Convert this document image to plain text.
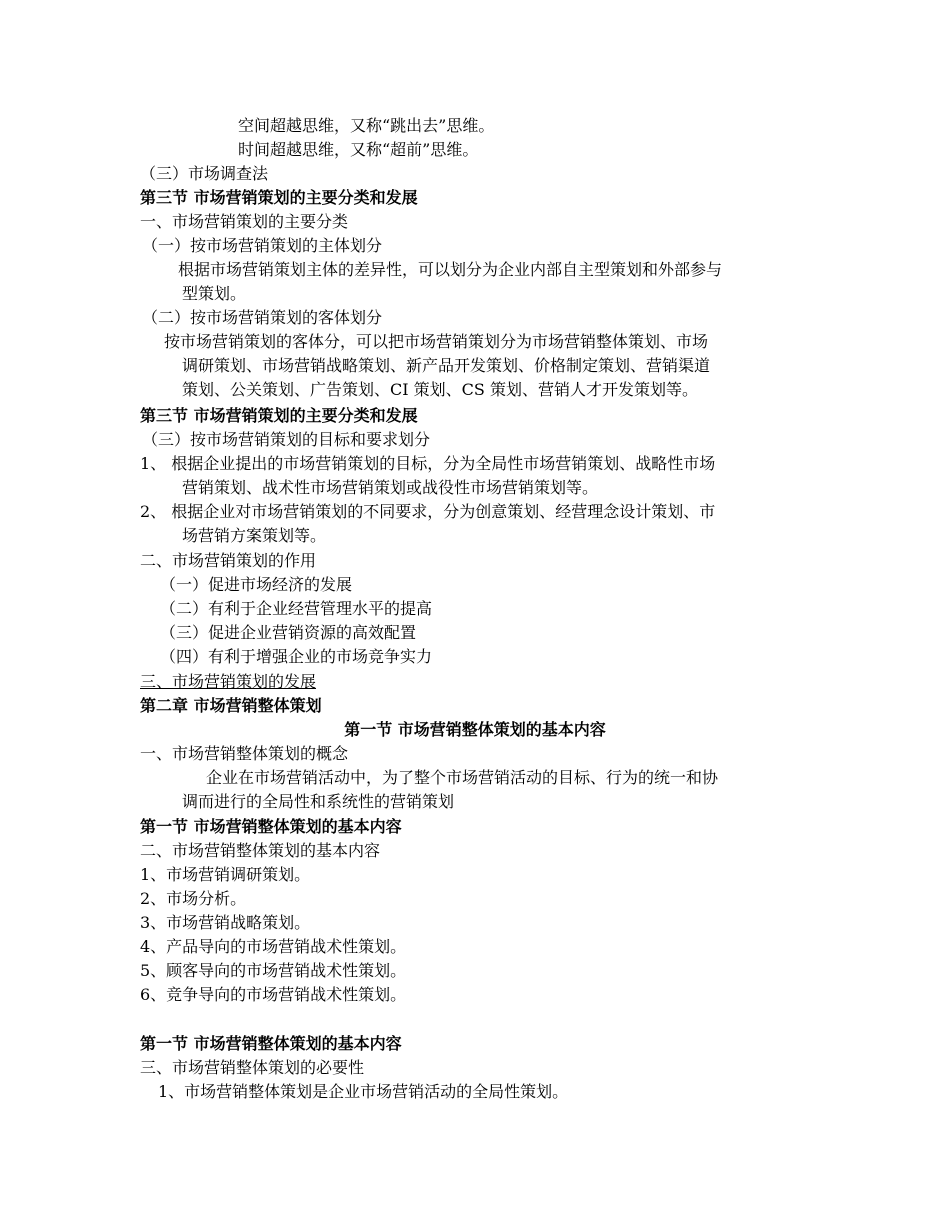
空间超越思维，又称“跳出去”思维。
时间超越思维，又称“超前”思维。
（三）市场调查法
第三节 市场营销策划的主要分类和发展
一、市场营销策划的主要分类
（一）按市场营销策划的主体划分
根据市场营销策划主体的差异性，可以划分为企业内部自主型策划和外部参与
型策划。
（二）按市场营销策划的客体划分
按市场营销策划的客体分，可以把市场营销策划分为市场营销整体策划、市场
调研策划、市场营销战略策划、新产品开发策划、价格制定策划、营销渠道
策划、公关策划、广告策划、CI 策划、CS 策划、营销人才开发策划等。
第三节 市场营销策划的主要分类和发展
（三）按市场营销策划的目标和要求划分
1、 根据企业提出的市场营销策划的目标，分为全局性市场营销策划、战略性市场
营销策划、战术性市场营销策划或战役性市场营销策划等。
2、 根据企业对市场营销策划的不同要求，分为创意策划、经营理念设计策划、市
场营销方案策划等。
二、市场营销策划的作用
（一）促进市场经济的发展
（二）有利于企业经营管理水平的提高
（三）促进企业营销资源的高效配置
（四）有利于增强企业的市场竞争实力
三、市场营销策划的发展
第二章 市场营销整体策划
第一节 市场营销整体策划的基本内容
一、市场营销整体策划的概念
企业在市场营销活动中，为了整个市场营销活动的目标、行为的统一和协
调而进行的全局性和系统性的营销策划
第一节 市场营销整体策划的基本内容
二、市场营销整体策划的基本内容
1、市场营销调研策划。
2、市场分析。
3、市场营销战略策划。
4、产品导向的市场营销战术性策划。
5、顾客导向的市场营销战术性策划。
6、竞争导向的市场营销战术性策划。
第一节 市场营销整体策划的基本内容
三、市场营销整体策划的必要性
1、市场营销整体策划是企业市场营销活动的全局性策划。
